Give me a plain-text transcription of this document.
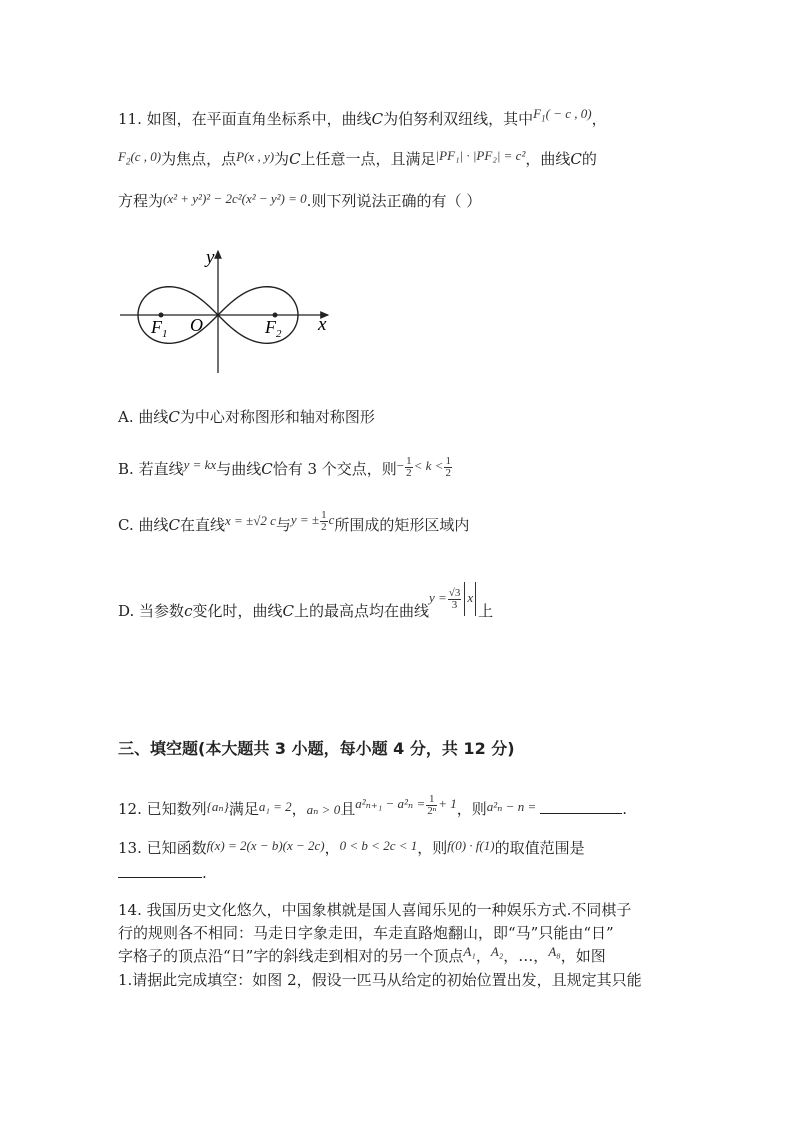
11. 如图，在平面直角坐标系中，曲线C为伯努利双纽线，其中$F_1( - c$ , 0)，
$F_2(c$ , 0)为焦点，点P(x , y)为C上任意一点，且满足|PF₁| · |PF₂| = c²，曲线C的
方程为(x² + y²)² − 2c²(x² − y²) = 0.则下列说法正确的有（ ）
y
x
O
$F_1$	$F_2$
A. 曲线C为中心对称图形和轴对称图形
B. 若直线y = kx与曲线C恰有 3 个交点，则− $\frac{1}{2} < k < \frac{1}{2}$
C. 曲线C在直线x = ±√2 c与y = ± $\frac{1}{2}$ c所围成的矩形区域内
D. 当参数c变化时，曲线C上的最高点均在曲线$y = \frac{√3}{3}$ x上
三、填空题(本大题共 3 小题，每小题 4 分，共 12 分)
12. 已知数列{aₙ}满足a₁ = 2，aₙ > 0且$a^2_{n+1} - a^2_n = \frac{1}{\text{2ⁿ}} + 1$，则a²ₙ − n =	.
13. 已知函数f(x) = 2(x − b)(x − 2c)，0 < b < 2c < 1，则f(0) · f(1)的取值范围是
.
14. 我国历史文化悠久，中国象棋就是国人喜闻乐见的一种娱乐方式.不同棋子
行的规则各不相同：马走日字象走田，车走直路炮翻山，即“马”只能由“日”
字格子的顶点沿“日”字的斜线走到相对的另一个顶点A₁，A₂，…，A₈，如图
1.请据此完成填空：如图 2，假设一匹马从给定的初始位置出发，且规定其只能
